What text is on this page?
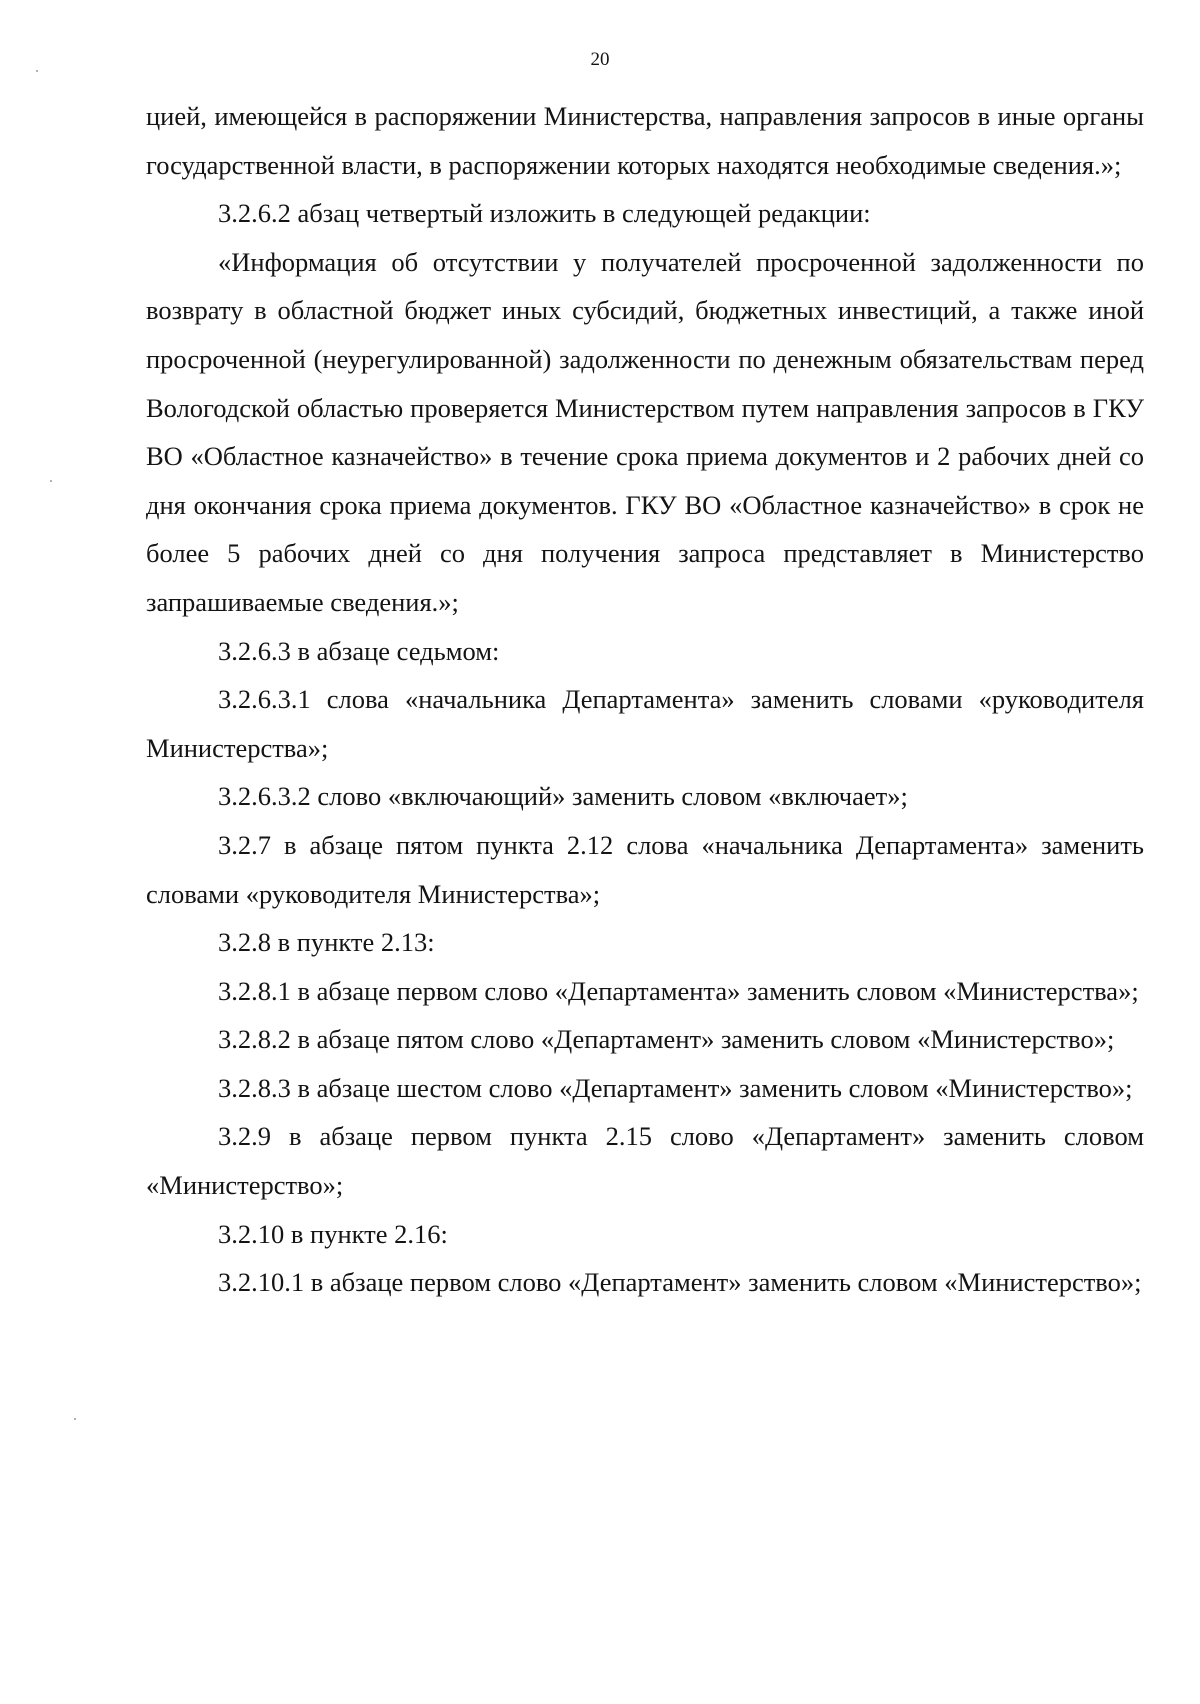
20

цией, имеющейся в распоряжении Министерства, направления запросов в иные органы государственной власти, в распоряжении которых находятся необходимые сведения.»;

3.2.6.2 абзац четвертый изложить в следующей редакции:

«Информация об отсутствии у получателей просроченной задолженности по возврату в областной бюджет иных субсидий, бюджетных инвестиций, а также иной просроченной (неурегулированной) задолженности по денежным обязательствам перед Вологодской областью проверяется Министерством путем направления запросов в ГКУ ВО «Областное казначейство» в течение срока приема документов и 2 рабочих дней со дня окончания срока приема документов. ГКУ ВО «Областное казначейство» в срок не более 5 рабочих дней со дня получения запроса представляет в Министерство запрашиваемые сведения.»;

3.2.6.3 в абзаце седьмом:

3.2.6.3.1 слова «начальника Департамента» заменить словами «руководителя Министерства»;

3.2.6.3.2 слово «включающий» заменить словом «включает»;

3.2.7 в абзаце пятом пункта 2.12 слова «начальника Департамента» заменить словами «руководителя Министерства»;

3.2.8 в пункте 2.13:

3.2.8.1 в абзаце первом слово «Департамента» заменить словом «Министерства»;

3.2.8.2 в абзаце пятом слово «Департамент» заменить словом «Министерство»;

3.2.8.3 в абзаце шестом слово «Департамент» заменить словом «Министерство»;

3.2.9 в абзаце первом пункта 2.15 слово «Департамент» заменить словом «Министерство»;

3.2.10 в пункте 2.16:

3.2.10.1 в абзаце первом слово «Департамент» заменить словом «Министерство»;
